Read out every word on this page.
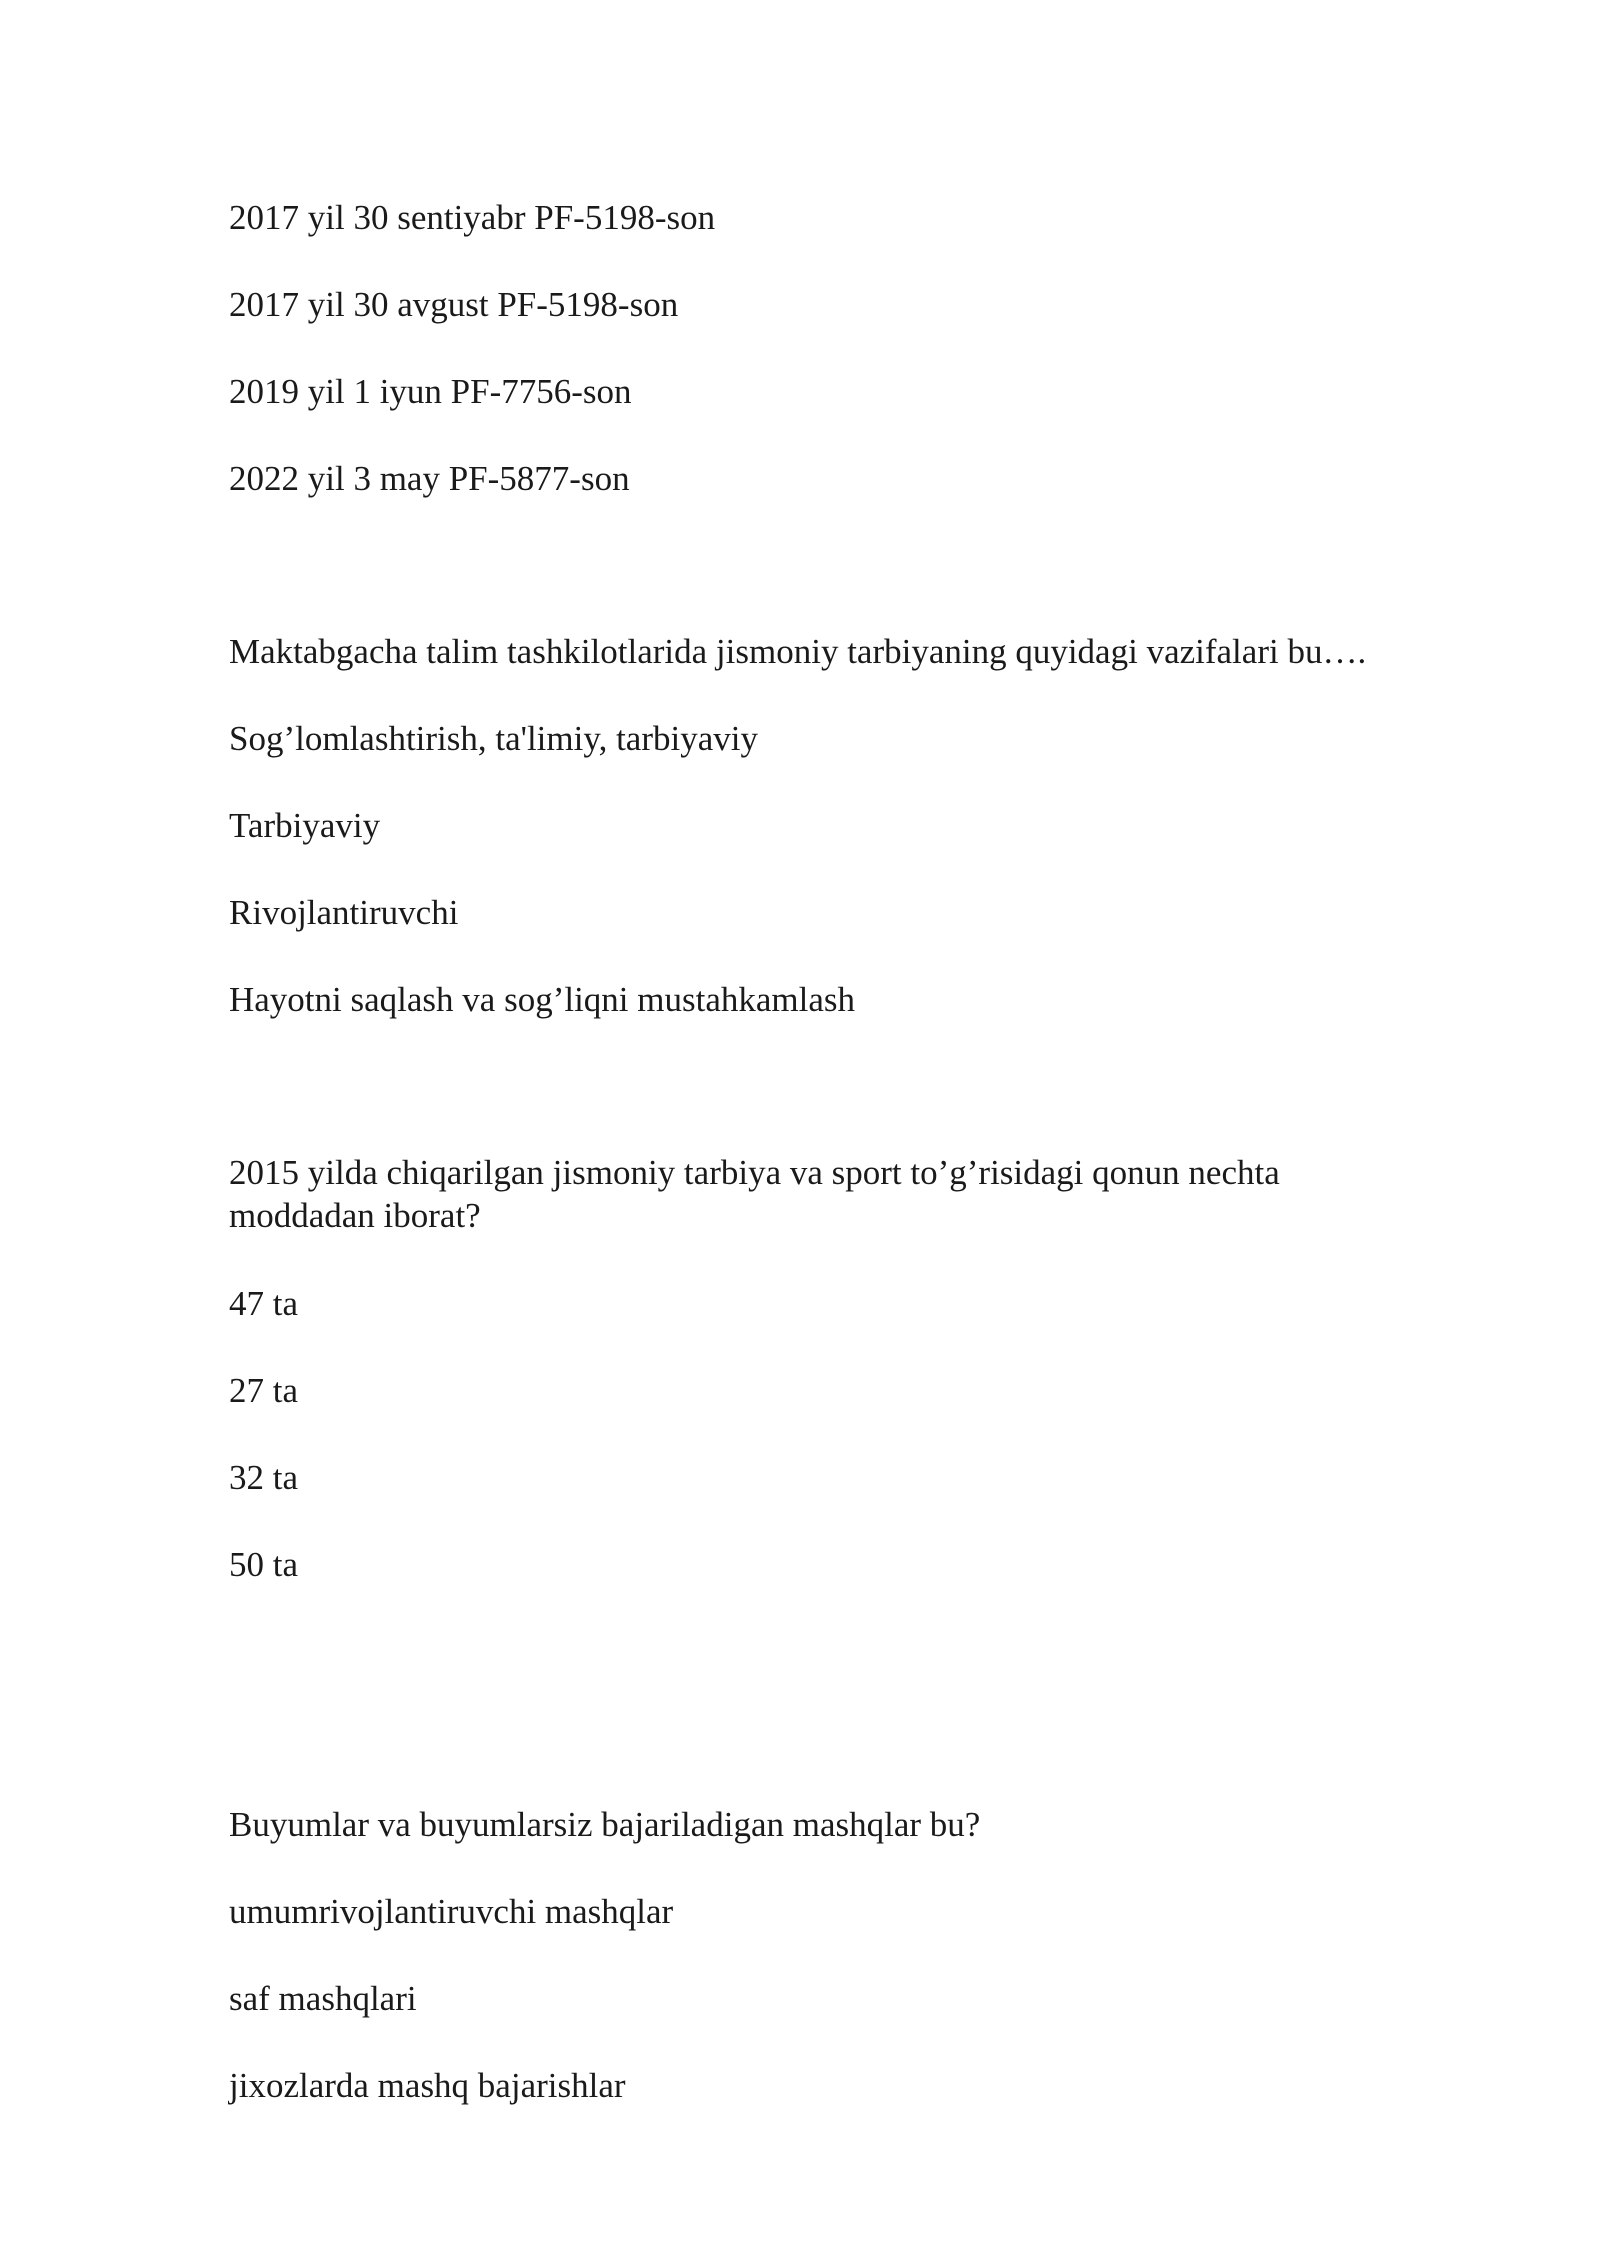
2017 yil 30 sentiyabr PF-5198-son
2017 yil 30 avgust PF-5198-son
2019 yil 1 iyun PF-7756-son
2022 yil 3 may PF-5877-son
Maktabgacha talim tashkilotlarida jismoniy tarbiyaning quyidagi vazifalari bu….
Sog’lomlashtirish, ta'limiy, tarbiyaviy
Tarbiyaviy
Rivojlantiruvchi
Hayotni saqlash va sog’liqni mustahkamlash
2015 yilda chiqarilgan jismoniy tarbiya va sport to’g’risidagi qonun nechta moddadan iborat?
47 ta
27 ta
32 ta
50 ta
Buyumlar va buyumlarsiz bajariladigan mashqlar bu?
umumrivojlantiruvchi mashqlar
saf mashqlari
jixozlarda mashq bajarishlar
